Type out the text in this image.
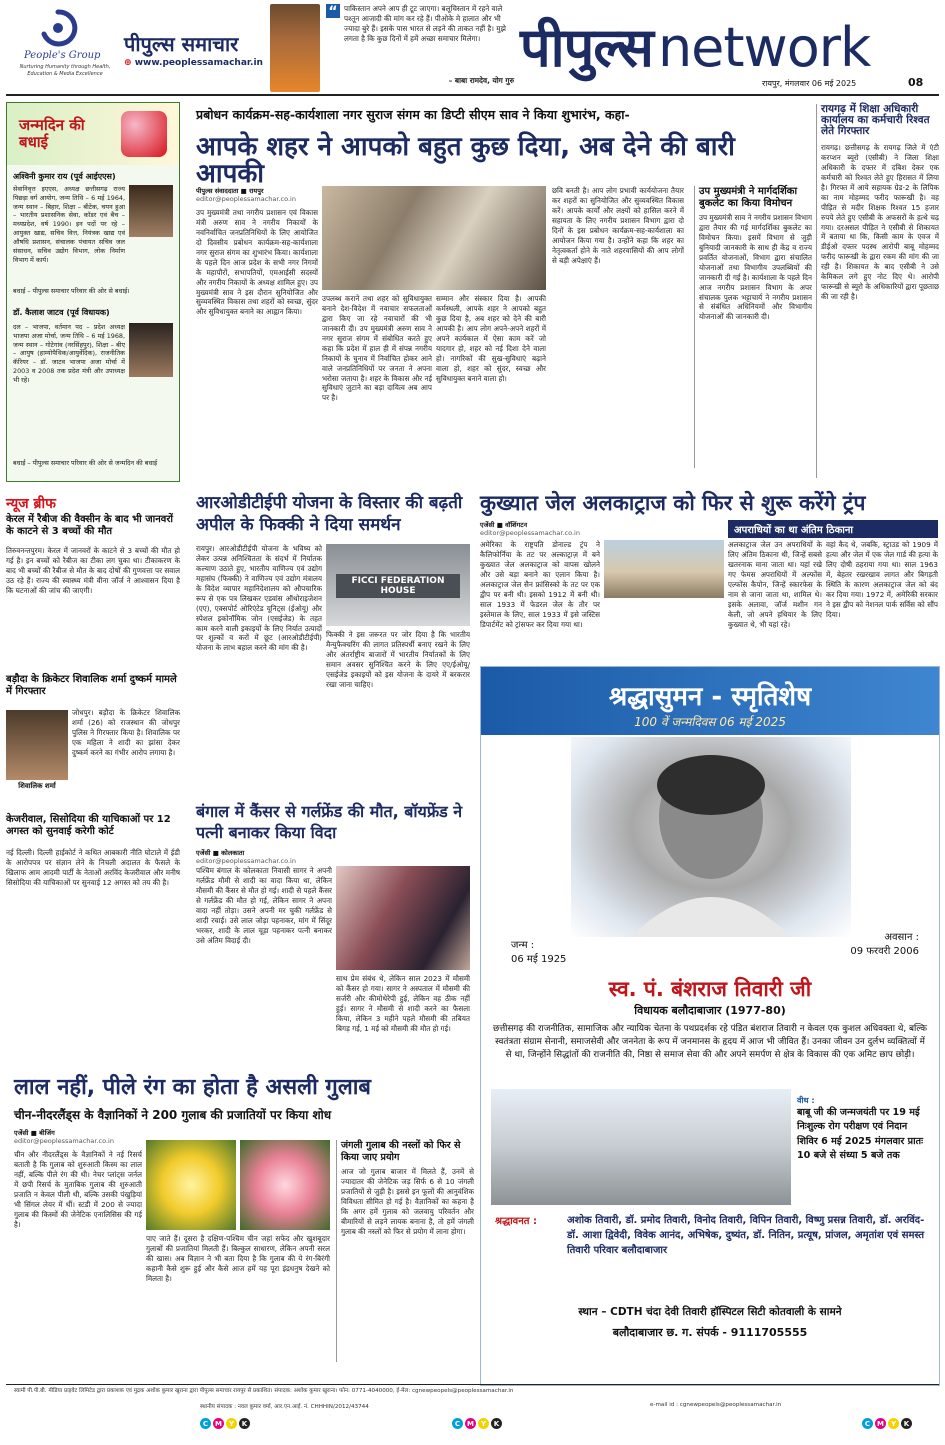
People's Group
Nurturing Humanity through Health, Education & Media Excellence
पीपुल्स समाचार
⊕ www.peoplessamachar.in
“ पाकिस्तान अपने आप ही टूट जाएगा। बलूचिस्तान में रहने वाले पश्तून आजादी की मांग कर रहे हैं। पीओके मे हालात और भी ज्यादा बुरे हैं। इसके पास भारत से लड़ने की ताकत नहीं है। मुझे लगता है कि कुछ दिनों में हमें अच्छा समाचार मिलेगा।
– बाबा रामदेव, योग गुरु
पीपुल्स network
रायपुर, मंगलवार 06 मई 2025	08
जन्मदिन की बधाई
अश्विनी कुमार राय (पूर्व आईएएस)
सेवानिवृत्त इएएस, अध्यक्ष छत्तीसगढ़ राज्य पिछड़ा वर्ग आयोग, जन्म तिथि – 6 मई 1964, जन्म स्थान – बिहार, शिक्षा – बीटेक, चयन हुआ – भारतीय प्रशासनिक सेवा, कॉडर एवं बैच – मध्यप्रदेश, वर्ष 1990। इन पदों पर रहे – आयुक्त खाद्य, सचिव वित्त, नियंत्रक खाद्य एवं औषधि प्रशासन, संचालक पंचायत सचिव जल संसाधन, सचिव उद्योग विभाग, लोक निर्माण विभाग में कार्य।
बधाई – पीपुल्स समाचार परिवार की ओर से बधाई।
डॉ. कैलाश जाटव (पूर्व विधायक)
दल – भाजपा, वर्तमान पद – प्रदेश अध्यक्ष भाजपा अजा मोर्चा, जन्म तिथि – 6 मई 1968, जन्म स्थान – गोटेगांव (नरसिंहपुर), शिक्षा – बीए – आयुष (हाम्योपैथिक/आयुर्वेदिक), राजनीतिक कॅरियर – डॉ. जाटव भाजपा अजा मोर्चा में 2003 व 2008 तक प्रदेश मंत्री और उपाध्यक्ष भी रहे।
बधाई – पीपुल्स समाचार परिवार की ओर से जन्मदिन की बधाई
प्रबोधन कार्यक्रम-सह-कार्यशाला नगर सुराज संगम का डिप्टी सीएम साव ने किया शुभारंभ, कहा-
आपके शहर ने आपको बहुत कुछ दिया, अब देने की बारी आपकी
पीपुल्स संवाददाता ■ रायपुर
editor@peoplessamachar.co.in
उप मुख्यमंत्री तथा नगरीय प्रशासन एवं विकास मंत्री अरुण साव ने नगरीय निकायों के नवनिर्वाचित जनप्रतिनिधियों के लिए आयोजित दो दिवसीय प्रबोधन कार्यक्रम-सह-कार्यशाला नगर सुराज संगम का शुभारंभ किया। कार्यशाला के पहले दिन आज प्रदेश के सभी नगर निगमों के महापौरों, सभापतियों, एमआईसी सदस्यों और नगरीय निकायों के अध्यक्ष शामिल हुए। उप मुख्यमंत्री साव ने इस दौरान सुनियोजित और सुव्यवस्थित विकास तथा शहरों को स्वच्छ, सुंदर और सुविधायुक्त बनाने का आह्वान किया।
उपलब्ध कराने तथा शहर को सुविधायुक्त बनाने देश-विदेश में नवाचार सफलताओं द्वारा किए जा रहे नवाचारों की भी जानकारी दी। उप मुख्यमंत्री अरुण साव ने नगर सुराज संगम में संबोधित करते हुए कहा कि प्रदेश में हाल ही में संपन्न नगरीय निकायों के चुनाव में निर्वाचित होकर आने वाले जनप्रतिनिधियों पर जनता ने अपना भरोसा जताया है। शहर के विकास और नई सुविधाएं जुटाने का बड़ा दायित्व अब आप पर है।
सम्मान और संस्कार दिया है। आपकी कर्मस्थली, आपके शहर ने आपको बहुत कुछ दिया है, अब शहर को देने की बारी आपकी है। आप लोग अपने-अपने शहरों में अपने कार्यकाल में ऐसा काम करें जो यादगार हो, शहर को नई दिशा देने वाला हो। नागरिकों की सुख-सुविधाएं बढ़ाने वाला हो, शहर को सुंदर, स्वच्छ और सुविधायुक्त बनाने वाला हो।
छवि बनती है। आप लोग प्रभावी कार्ययोजना तैयार कर शहरों का सुनियोजित और सुव्यवस्थित विकास करें। आपके कार्यों और लक्ष्यों को हासिल करने में सहायता के लिए नगरीय प्रशासन विभाग द्वारा दो दिनों के इस प्रबोधन कार्यक्रम-सह-कार्यशाला का आयोजन किया गया है। उन्होंने कहा कि शहर का नेतृत्वकर्ता होने के नाते शहरवासियों की आप लोगों से बड़ी अपेक्षाएं हैं।
उप मुख्यमंत्री ने मार्गदर्शिका बुकलेट का किया विमोचन
उप मुख्यमंत्री साव ने नगरीय प्रशासन विभाग द्वारा तैयार की गई मार्गदर्शिका बुकलेट का विमोचन किया। इसमें विभाग से जुड़ी बुनियादी जानकारी के साथ ही केंद्र व राज्य प्रवर्तित योजनाओं, विभाग द्वारा संचालित योजनाओं तथा विभागीय उपलब्धियों की जानकारी दी गई है। कार्यशाला के पहले दिन आज नगरीय प्रशासन विभाग के अपर संचालक पुलक भट्टाचार्य ने नगरीय प्रशासन से संबंधित अधिनियमों और विभागीय योजनाओं की जानकारी दी।
रायगढ़ में शिक्षा अधिकारी कार्यालय का कर्मचारी रिश्वत लेते गिरफ्तार
रायगढ़। छत्तीसगढ़ के रायगढ़ जिले में एंटी करप्शन ब्यूरो (एसीबी) ने जिला शिक्षा अधिकारी के दफ्तर में दबिश देकर एक कर्मचारी को रिश्वत लेते हुए हिरासत में लिया है। गिरफ्त में आये सहायक ग्रेड-2 के लिपिक का नाम मोहम्मद फरीद फारूखी है। वह पीड़ित से मदीर शिक्षक रिश्वत 15 हजार रुपये लेते हुए एसीबी के अफसरों के हत्थे चढ़ गया। दरअसल पीड़ित ने एसीबी से शिकायत में बताया था कि, किसी काम के एवज में डीईओ दफ्तर पदस्थ आरोपी बाबू मोहम्मद फरीद फारूखी के द्वारा रकम की मांग की जा रही है। शिकायत के बाद एसीबी ने उसे केमिकल लगे हुए नोट दिए थे। आरोपी फारूखी से ब्यूरो के अधिकारियों द्वारा पूछताछ की जा रही है।
न्यूज ब्रीफ
केरल में रैबीज की वैक्सीन के बाद भी जानवरों के काटने से 3 बच्चों की मौत
तिरुवनन्तपुरम। केरल में जानवरों के काटने से 3 बच्चों की मौत हो गई है। इन बच्चों को रैबीज का टीका लग चुका था। टीकाकरण के बाद भी बच्चों की रैबीज से मौत के बाद दोषों की गुणवत्ता पर सवाल उठ रहे हैं। राज्य की स्वास्थ्य मंत्री वीना जॉर्ज ने आश्वासन दिया है कि घटनाओं की जांच की जाएगी।
बड़ौदा के क्रिकेटर शिवालिक शर्मा दुष्कर्म मामले में गिरफ्तार
शिवालिक शर्मा
जोधपुर। बड़ौदा के क्रिकेटर शिवालिक शर्मा (26) को राजस्थान की जोधपुर पुलिस ने गिरफ्तार किया है। शिवालिक पर एक महिला ने शादी का झांसा देकर दुष्कर्म करने का गंभीर आरोप लगाया है।
केजरीवाल, सिसोदिया की याचिकाओं पर 12 अगस्त को सुनवाई करेगी कोर्ट
नई दिल्ली। दिल्ली हाईकोर्ट ने कथित आबकारी नीति घोटाले में ईडी के आरोपपत्र पर संज्ञान लेने के निचली अदालत के फैसले के खिलाफ आम आदमी पार्टी के नेताओं अरविंद केजरीवाल और मनीष सिसोदिया की याचिकाओं पर सुनवाई 12 अगस्त को तय की है।
आरओडीटीईपी योजना के विस्तार की बढ़ती अपील के फिक्की ने दिया समर्थन
रायपुर। आरओडीटीईपी योजना के भविष्य को लेकर उत्पन्न अनिश्चितता के संदर्भ में निर्यातक कल्याण उठाते हुए, भारतीय वाणिज्य एवं उद्योग महासंघ (फिक्की) ने वाणिज्य एवं उद्योग मंत्रालय के विदेश व्यापार महानिदेशालय को औपचारिक रूप से एक पत्र लिखकर एडवांस ऑथोराइजेशन (एए), एक्सपोर्ट ओरिएंटेड यूनिट्स (ईओयू) और स्पेशल इकोनॉमिक जोन (एसईजेड) के तहत काम करने वाली इकाइयों के लिए निर्यात उत्पादों पर शुल्कों व करों में छूट (आरओडीटीईपी) योजना के लाभ बहाल करने की मांग की है।
FICCI FEDERATION HOUSE
फिक्की ने इस जरूरत पर जोर दिया है कि भारतीय मैन्युफैक्चरिंग की लागत प्रतिस्पर्धी बनाए रखने के लिए और अंतर्राष्ट्रीय बाजारों में भारतीय निर्यातकों के लिए समान अवसर सुनिश्चित करने के लिए एए/ईओयू/एसईजेड इकाइयों को इस योजना के दायरे में बरकरार रखा जाना चाहिए।
कुख्यात जेल अलकाट्राज को फिर से शुरू करेंगे ट्रंप
एजेंसी ■ वॉशिंगटन
editor@peoplessamachar.co.in	अपराधियों का था अंतिम ठिकाना
अमेरिका के राष्ट्रपति डोनाल्ड ट्रंप ने कैलिफोर्निया के तट पर अल्काट्राज़ में बने कुख्यात जेल अलकाट्राज को वापस खोलने और उसे बड़ा बनाने का एलान किया है। अलकाट्राज जेल सैन फ्रांसिस्को के तट पर एक द्वीप पर बनी थी। इसको 1912 में बनी थी। साल 1933 में फेडरल जेल के तौर पर इस्तेमाल के लिए, साल 1933 में इसे जस्टिस डिपार्टमेंट को ट्रांसफर कर दिया गया था।
अलकाट्राज जेल उन अपराधियों के लिए अंतिम ठिकाना थी, जिन्हें सबसे खतरनाक माना जाता था। यहां रखे गए फेमस अपराधियों में अल्फोंस एल्फोंस कैपोन, जिन्हें स्कारफेस के नाम से जाना जाता था, शामिल थे। इसके अलावा, जॉर्ज मशीन गन केली, जो अपने हथियार के लिए कुख्यात थे, भी यहां रहे।
वहां कैद थे, जबकि, स्ट्राउड को 1909 में हत्या और जेल में एक जेल गार्ड की हत्या के लिए दोषी ठहराया गया था। साल 1963 में, बेहतर रखरखाव लागत और बिगड़ती स्थिति के कारण अलकाट्राज जेल को बंद कर दिया गया। 1972 में, अमेरिकी सरकार ने इस द्वीप को नेशनल पार्क सर्विस को सौंप दिया।
श्रद्धासुमन - स्मृतिशेष
100 वें जन्मदिवस 06 मई 2025
जन्म :
06 मई 1925
अवसान :
09 फरवरी 2006
स्व. पं. बंशराज तिवारी जी
विधायक बलौदाबाजार (1977-80)
छत्तीसगढ़ की राजनीतिक, सामाजिक और न्यायिक चेतना के पथप्रदर्शक रहे पंडित बंशराज तिवारी न केवल एक कुशल अधिवक्ता थे, बल्कि स्वतंत्रता संग्राम सेनानी, समाजसेवी और जननेता के रूप में जनमानस के हृदय में आज भी जीवित हैं। उनका जीवन उन दुर्लभ व्यक्तित्वों में से था, जिन्होंने सिद्धांतों की राजनीति की, निष्ठा से समाज सेवा की और अपने समर्पण से क्षेत्र के विकास की एक अमिट छाप छोड़ी।
वीथ :
बाबू जी की जन्मजयंती पर 19 मई निःशुल्क रोग परीक्षण एवं निदान शिविर 6 मई 2025 मंगलवार प्रातः 10 बजे से संध्या 5 बजे तक
श्रद्धावनत :	अशोक तिवारी, डॉ. प्रमोद तिवारी, विनोद तिवारी, विपिन तिवारी, विष्णु प्रसन्न तिवारी, डॉ. अरविंद-डॉ. आशा द्विवेदी, विवेक आनंद, अभिषेक, दुष्यंत, डॉ. नितिन, प्रत्यूष, प्रांजल, अमृतांश एवं समस्त तिवारी परिवार बलौदाबाजार
स्थान – CDTH चंदा देवी तिवारी हॉस्पिटल सिटी कोतवाली के सामने
बलौदाबाजार छ. ग. संपर्क - 9111705555
बंगाल में कैंसर से गर्लफ्रेंड की मौत, बॉयफ्रेंड ने पत्नी बनाकर किया विदा
एजेंसी ■ कोलकाता
editor@peoplessamachar.co.in
पश्चिम बंगाल के कोलकाता निवासी सागर ने अपनी गर्लफ्रेंड मौमी से शादी का वादा किया था, लेकिन मौसमी की कैंसर से मौत हो गई। शादी से पहले कैंसर से गर्लफ्रेंड की मौत हो गई, लेकिन सागर ने अपना वादा नहीं तोड़ा। उसने अपनी मर चुकी गर्लफ्रेंड से शादी रचाई। उसे लाल जोड़ा पहनाकर, मांग में सिंदूर भरकर, शादी के लाल चूड़ा पहनाकर पत्नी बनाकर उसे अंतिम विदाई दी।
साथ प्रेम संबंध थे, लेकिन साल 2023 में मौसमी को कैंसर हो गया। सागर ने अस्पताल में मौसमी की सर्जरी और कीमोथेरेपी हुई, लेकिन वह ठीक नहीं हुई। सागर ने मौसमी से शादी करने का फैसला किया, लेकिन 3 महीने पहले मौसमी की तबियत बिगड़ गई, 1 मई को मौसमी की मौत हो गई।
लाल नहीं, पीले रंग का होता है असली गुलाब
चीन-नीदरलैंड्स के वैज्ञानिकों ने 200 गुलाब की प्रजातियों पर किया शोध
एजेंसी ■ बीजिंग
editor@peoplessamachar.co.in
चीन और नीदरलैंड्स के वैज्ञानिकों ने नई रिसर्च बताती है कि गुलाब को शुरुआती किस्म का लाल नहीं, बल्कि पीले रंग की थी। नेचर प्लांट्स जर्नल में छपी रिसर्च के मुताबिक गुलाब की शुरुआती प्रजाति न केवल पीली थी, बल्कि उसकी पंखुड़ियां भी सिंगल लेयर में थीं। स्टडी में 200 से ज्यादा गुलाब की किस्मों की जेनेटिक एनालिसिस की गई है।
पाए जाते हैं। दूसरा है दक्षिण-पश्चिम चीन जहां सफेद और खुशबूदार गुलाबों की प्रजातियां मिलती हैं। बिल्कुल साधारण, लेकिन अपनी सरल की खास। अब विज्ञान ने भी बता दिया है कि गुलाब की ये रंग-बिरंगी कहानी कैसे शुरू हुई और कैसे आज हमें यह पूरा इंद्रधनुष देखने को मिलता है।
जंगली गुलाब की नस्लों को फिर से किया जाए प्रयोग
आज जो गुलाब बाजार में मिलते हैं, उनमें से ज्यादातर की जेनेटिक जड़ सिर्फ 6 से 10 जंगली प्रजातियों से जुड़ी है। इससे इन फूलों की आनुवंशिक विविधता सीमित हो गई है। वैज्ञानिकों का कहना है कि अगर हमें गुलाब को जलवायु परिवर्तन और बीमारियों से लड़ने लायक बनाना है, तो हमें जंगली गुलाब की नस्लों को फिर से प्रयोग में लाना होगा।
स्वामी पी.पी.बी. मीडिया प्राइवेट लिमिटेड द्वारा प्रकाशक एवं मुद्रक अशोक कुमार खुराना द्वारा पीपुल्स समाचार रायपुर से प्रकाशित। संपादक: अशोक कुमार खुराना। फोन: 0771-4040000, ई-मेल: cgnewpeopels@peoplessamachar.in
स्थानीय संपादक : नवल कुमार वर्मा, आर.एन.आई. नं. CHHHIN/2012/43744	e-mail id : cgnewpeopels@peoplessamachar.in
C M Y	K	C M Y	K	C M Y	K
